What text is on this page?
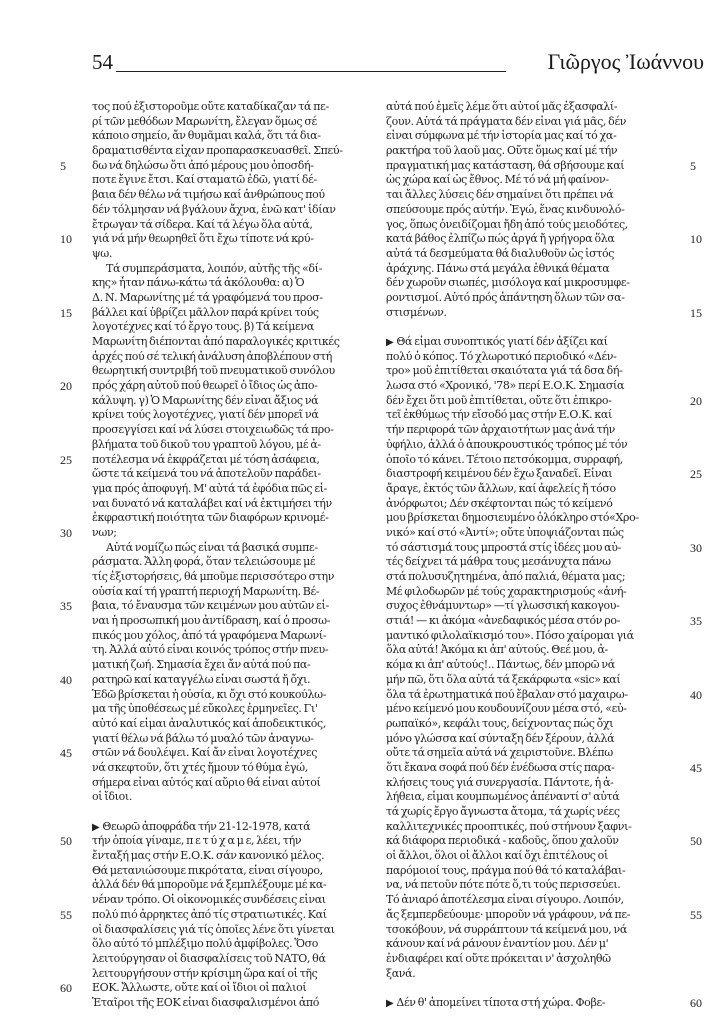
54	Γιῶργος Ἰωάννου
τος πού ἐξιστοροῦμε οὔτε καταδίκαζαν τά πε-
ρί τῶν μεθόδων Μαρωνίτη, ἔλεγαν ὅμως σέ
κάποιο σημείο, ἄν θυμᾶμαι καλά, ὅτι τά δια-
δραματισθέντα εἶχαν προπαρασκευασθεῖ. Σπεύ-
δω νά δηλώσω ὅτι ἀπό μέρους μου ὁποσδή-
ποτε ἔγινε ἔτσι. Καί σταματῶ ἐδῶ, γιατί δέ-
βαια δέν θέλω νά τιμήσω καί ἀνθρώπους πού
δέν τόλμησαν νά βγάλουν ἄχνα, ἐνῶ κατ' ἰδίαν
ἔτρωγαν τά σίδερα. Καί τά λέγω ὅλα αὐτά,
γιά νά μήν θεωρηθεῖ ὅτι ἔχω τίποτε νά κρύ-
ψω.
Τά συμπεράσματα, λοιπόν, αὐτῆς τῆς «δί-
κης» ἦταν πάνω-κάτω τά ἀκόλουθα: α) Ὁ
Δ. Ν. Μαρωνίτης μέ τά γραφόμενά του προσ-
βάλλει καί ὑβρίζει μᾶλλον παρά κρίνει τούς
λογοτέχνες καί τό ἔργο τους. β) Τά κείμενα
Μαρωνίτη διέπονται ἀπό παραλογικές κριτικές
ἀρχές πού σέ τελική ἀνάλυση ἀποβλέπουν στή
θεωρητική συντριβή τοῦ πνευματικοῦ συνόλου
πρός χάρη αὐτοῦ πού θεωρεῖ ὁ ἴδιος ὡς ἀπο-
κάλυψη. γ) Ὁ Μαρωνίτης δέν εἶναι ἄξιος νά
κρίνει τούς λογοτέχνες, γιατί δέν μπορεῖ νά
προσεγγίσει καί νά λύσει στοιχειωδῶς τά προ-
βλήματα τοῦ δικοῦ του γραπτοῦ λόγου, μέ ἀ-
ποτέλεσμα νά ἐκφράζεται μέ τόση ἀσάφεια,
ὥστε τά κείμενά του νά ἀποτελοῦν παράδει-
γμα πρός ἀποφυγή. Μ' αὐτά τά ἐφόδια πῶς εἶ-
ναι δυνατό νά καταλάβει καί νά ἐκτιμήσει τήν
ἐκφραστική ποιότητα τῶν διαφόρων κρινομέ-
νων;
Αὐτά νομίζω πώς εἶναι τά βασικά συμπε-
ράσματα. Ἄλλη φορά, ὅταν τελειώσουμε μέ
τίς ἐξιστορήσεις, θά μποῦμε περισσότερο στην
οὐσία καί τή γραπτή περιοχή Μαρωνίτη. Βέ-
βαια, τό ἔναυσμα τῶν κειμένων μου αὐτῶν εἶ-
ναι ἡ προσωπική μου ἀντίδραση, καί ὁ προσω-
πικός μου χόλος, ἀπό τά γραφόμενα Μαρωνί-
τη. Ἀλλά αὐτό εἶναι κοινός τρόπος στήν πνευ-
ματική ζωή. Σημασία ἔχει ἄν αὐτά πού πα-
ρατηρῶ καί καταγγέλω εἶναι σωστά ἤ ὄχι.
Ἐδῶ βρίσκεται ἡ οὐσία, κι ὄχι στό κουκούλω-
μα τῆς ὑποθέσεως μέ εὔκολες ἑρμηνεῖες. Γι'
αὐτό καί εἶμαι ἀναλυτικός καί ἀποδεικτικός,
γιατί θέλω νά βάλω τό μυαλό τῶν ἀναγνω-
στῶν νά δουλέψει. Καί ἄν εἶναι λογοτέχνες
νά σκεφτοῦν, ὅτι χτές ἤμουν τό θύμα ἐγώ,
σήμερα εἶναι αὐτός καί αὔριο θά εἶναι αὐτοί
οἱ ἴδιοι.
▶ Θεωρῶ ἀποφράδα τήν 21-12-1978, κατά
τήν ὁποία γίναμε, π ε τ ύ χ α μ ε, λέει, τήν
ἔνταξή μας στήν Ε.Ο.Κ. σάν κανονικό μέλος.
Θά μετανιώσουμε πικρότατα, εἶναι σίγουρο,
ἀλλά δέν θά μποροῦμε νά ξεμπλέξουμε μέ κα-
νέναν τρόπο. Οἱ οἰκονομικές συνδέσεις εἶναι
πολύ πιό ἀρρηκτες ἀπό τίς στρατιωτικές. Καί
οἱ διασφαλίσεις γιά τίς ὁποῖες λένε ὅτι γίνεται
ὅλο αὐτό τό μπλέξιμο πολύ ἀμφίβολες. Ὅσο
λειτούργησαν οἱ διασφαλίσεις τοῦ ΝΑΤΟ, θά
λειτουργήσουν στήν κρίσιμη ὥρα καί οἱ τῆς
ΕΟΚ. Ἄλλωστε, οὔτε καί οἱ ἴδιοι οἱ παλιοί
Ἑταῖροι τῆς ΕΟΚ εἶναι διασφαλισμένοι ἀπό
αὐτά πού ἐμεῖς λέμε ὅτι αὐτοί μᾶς ἐξασφαλί-
ζουν. Αὐτά τά πράγματα δέν εἶναι γιά μᾶς, δέν
εἶναι σύμφωνα μέ τήν ἱστορία μας καί τό χα-
ρακτήρα τοῦ λαοῦ μας. Οὔτε ὅμως καί μέ τήν
πραγματική μας κατάσταση, θά σβήσουμε καί
ὡς χώρα καί ὡς ἔθνος. Μέ τό νά μή φαίνον-
ται ἄλλες λύσεις δέν σημαίνει ὅτι πρέπει νά
σπεύσουμε πρός αὐτήν. Ἐγώ, ἕνας κινδυνολό-
γος, ὅπως ὀνειδίζομαι ἤδη ἀπό τούς μειοδότες,
κατά βάθος ἐλπίζω πώς ἀργά ἤ γρήγορα ὅλα
αὐτά τά δεσμεύματα θά διαλυθοῦν ὡς ἱστός
ἀράχνης. Πάνω στά μεγάλα ἐθνικά θέματα
δέν χωροῦν σιωπές, μισόλογα καί μικροσυμφε-
ροντισμοί. Αὐτό πρός ἀπάντηση ὅλων τῶν σα-
στισμένων.
▶ Θά εἶμαι συνοπτικός γιατί δέν ἀξίζει καί
πολύ ὁ κόπος. Τό χλωροτικό περιοδικό «Δέν-
τρο» μοῦ ἐπιτίθεται σκαιότατα γιά τά δσα δή-
λωσα στό «Χρονικό, '78» περί Ε.Ο.Κ. Σημασία
δέν ἔχει ὅτι μοῦ ἐπιτίθεται, οὔτε ὅτι ἐπικρο-
τεῖ ἐκθύμως τήν εἴσοδό μας στήν Ε.Ο.Κ. καί
τήν περιφορά τῶν ἀρχαιοτήτων μας ἀνά τήν
ὑφήλιο, ἀλλά ὁ ἀπουκρουστικός τρόπος μέ τόν
ὁποῖο τό κάνει. Τέτοιο πετσόκομμα, συρραφή,
διαστροφή κειμένου δέν ἔχω ξαναδεῖ. Εἶναι
ἄραγε, ἐκτός τῶν ἄλλων, καί ἀφελείς ἤ τόσο
ἀνόρφωτοι; Δέν σκέφτονται πώς τό κείμενό
μου βρίσκεται δημοσιευμένο ὁλόκληρο στό«Χρο-
νικό» καί στό «Ἀντί»; οὔτε ὑποψιάζονται πώς
τό σάστισμά τους μπροστά στίς ἰδέες μου αὐ-
τές δείχνει τά μάθρα τους μεσάνυχτα πάνω
στά πολυσυζητημένα, ἀπό παλιά, θέματα μας;
Μέ φιλοδωρῶν μέ τούς χαρακτηρισμούς «ἀνή-
συχος ἐθνάμυντωρ» —τί γλωσσική κακογου-
στιά! — κι ἀκόμα «ἀνεδαφικός μέσα στόν ρο-
μαντικό φιλολαϊκισμό του». Πόσο χαίρομαι γιά
ὅλα αὐτά! Ἀκόμα κι ἀπ' αὐτούς. Θεέ μου, ἀ-
κόμα κι ἀπ' αὐτούς!.. Πάντως, δέν μπορῶ νά
μήν πῶ, ὅτι ὅλα αὐτά τά ξεκάρφωτα «sic» καί
ὅλα τά ἐρωτηματικά πού ἔβαλαν στό μαχαιρω-
μένο κείμενό μου κουδουνίζουν μέσα στό, «εὐ-
ρωπαϊκό», κεφάλι τους, δείχνοντας πώς ὄχι
μόνο γλώσσα καί σύνταξη δέν ξέρουν, ἀλλά
οὔτε τά σημεῖα αὐτά νά χειριστοῦνε. Βλέπω
ὅτι ἔκανα σοφά πού δέν ἐνέδωσα στίς παρα-
κλήσεις τους γιά συνεργασία. Πάντοτε, ἡ ἀ-
λήθεια, εἶμαι κουμπωμένος ἀπέναντί σ' αὐτά
τά χωρίς ἔργο ἄγνωστα ἄτομα, τά χωρίς νέες
καλλιτεχνικές προοπτικές, πού στήνουν ξαφνι-
κά διάφορα περιοδικά - καδοῦς, ὅπου χαλοῦν
οἱ ἄλλοι, ὅλοι οἱ ἄλλοι καί ὄχι ἐπιτέλους οἱ
παρόμοιοί τους, πράγμα πού θά τό καταλάβαι-
να, νά πετοῦν πότε πότε ὅ,τι τούς περισσεύει.
Τό ἀνιαρό ἀποτέλεσμα εἶναι σίγουρο. Λοιπόν,
ἄς ξεμπερδεύουμε· μποροῦν νά γράφουν, νά πε-
τσοκόβουν, νά συρράπτουν τά κείμενά μου, νά
κάνουν καί νά ράνουν ἐναντίον μου. Δέν μ'
ἐνδιαφέρει καί οὔτε πρόκειται ν' ἀσχοληθῶ
ξανά.
▶ Δέν θ' ἀπομείνει τίποτα στή χώρα. Φοβε-
5
10
15
20
25
30
35
40
45
50
55
60
5
10
15
20
25
30
35
40
45
50
55
60
